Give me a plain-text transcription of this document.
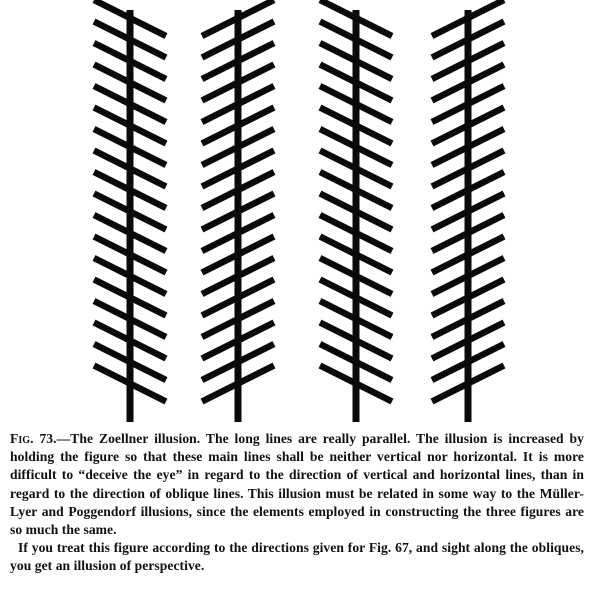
Fig. 73.—The Zoellner illusion. The long lines are really parallel. The illusion is increased by holding the figure so that these main lines shall be neither vertical nor horizontal. It is more difficult to “deceive the eye” in regard to the direction of vertical and horizontal lines, than in regard to the direction of oblique lines. This illusion must be related in some way to the Müller-Lyer and Poggendorf illusions, since the elements employed in constructing the three figures are so much the same.

If you treat this figure according to the directions given for Fig. 67, and sight along the obliques, you get an illusion of perspective.
